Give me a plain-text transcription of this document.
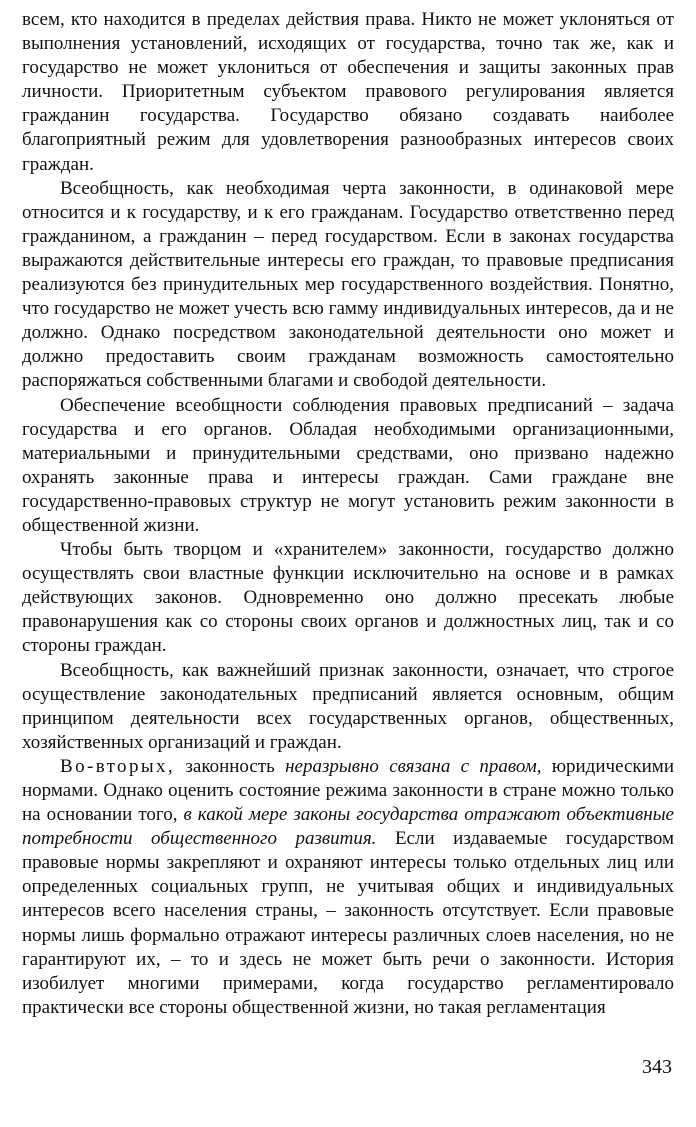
всем, кто находится в пределах действия права. Никто не может уклоняться от выполнения установлений, исходящих от государства, точно так же, как и государство не может уклониться от обеспечения и защиты законных прав личности. Приоритетным субъектом правового регулирования является гражданин государства. Государство обязано создавать наиболее благоприятный режим для удовлетворения разнообразных интересов своих граждан.

Всеобщность, как необходимая черта законности, в одинаковой мере относится и к государству, и к его гражданам. Государство ответственно перед гражданином, а гражданин – перед государством. Если в законах государства выражаются действительные интересы его граждан, то правовые предписания реализуются без принудительных мер государственного воздействия. Понятно, что государство не может учесть всю гамму индивидуальных интересов, да и не должно. Однако посредством законодательной деятельности оно может и должно предоставить своим гражданам возможность самостоятельно распоряжаться собственными благами и свободой деятельности.

Обеспечение всеобщности соблюдения правовых предписаний – задача государства и его органов. Обладая необходимыми организационными, материальными и принудительными средствами, оно призвано надежно охранять законные права и интересы граждан. Сами граждане вне государственно-правовых структур не могут установить режим законности в общественной жизни.

Чтобы быть творцом и «хранителем» законности, государство должно осуществлять свои властные функции исключительно на основе и в рамках действующих законов. Одновременно оно должно пресекать любые правонарушения как со стороны своих органов и должностных лиц, так и со стороны граждан.

Всеобщность, как важнейший признак законности, означает, что строгое осуществление законодательных предписаний является основным, общим принципом деятельности всех государственных органов, общественных, хозяйственных организаций и граждан.

Во-вторых, законность неразрывно связана с правом, юридическими нормами. Однако оценить состояние режима законности в стране можно только на основании того, в какой мере законы государства отражают объективные потребности общественного развития. Если издаваемые государством правовые нормы закрепляют и охраняют интересы только отдельных лиц или определенных социальных групп, не учитывая общих и индивидуальных интересов всего населения страны, – законность отсутствует. Если правовые нормы лишь формально отражают интересы различных слоев населения, но не гарантируют их, – то и здесь не может быть речи о законности. История изобилует многими примерами, когда государство регламентировало практически все стороны общественной жизни, но такая регламентация

343
